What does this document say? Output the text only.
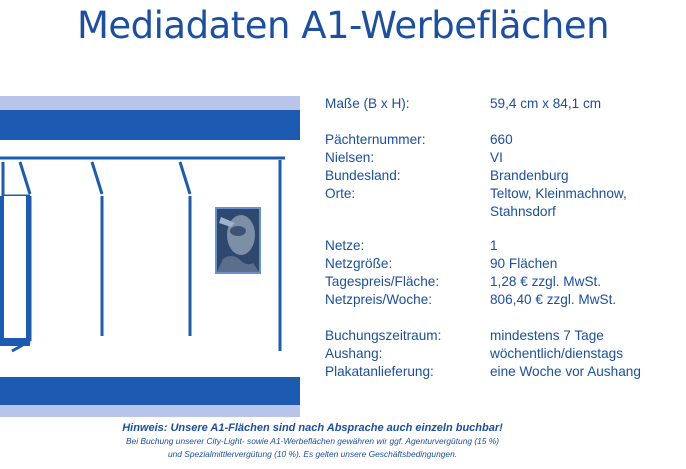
Mediadaten A1-Werbeflächen
Maße (B x H):	59,4 cm x 84,1 cm
Pächternummer:	660
Nielsen:	VI
Bundesland:	Brandenburg
Orte:	Teltow, Kleinmachnow,
Stahnsdorf
Netze:	1
Netzgröße:	90 Flächen
Tagespreis/Fläche:	1,28 € zzgl. MwSt.
Netzpreis/Woche:	806,40 € zzgl. MwSt.
Buchungszeitraum:	mindestens 7 Tage
Aushang:	wöchentlich/dienstags
Plakatanlieferung:	eine Woche vor Aushang
Hinweis: Unsere A1-Flächen sind nach Absprache auch einzeln buchbar!
Bei Buchung unserer City-Light- sowie A1-Werbeflächen gewähren wir ggf. Agenturvergütung (15 %)
und Spezialmittlervergütung (10 %). Es gelten unsere Geschäftsbedingungen.
